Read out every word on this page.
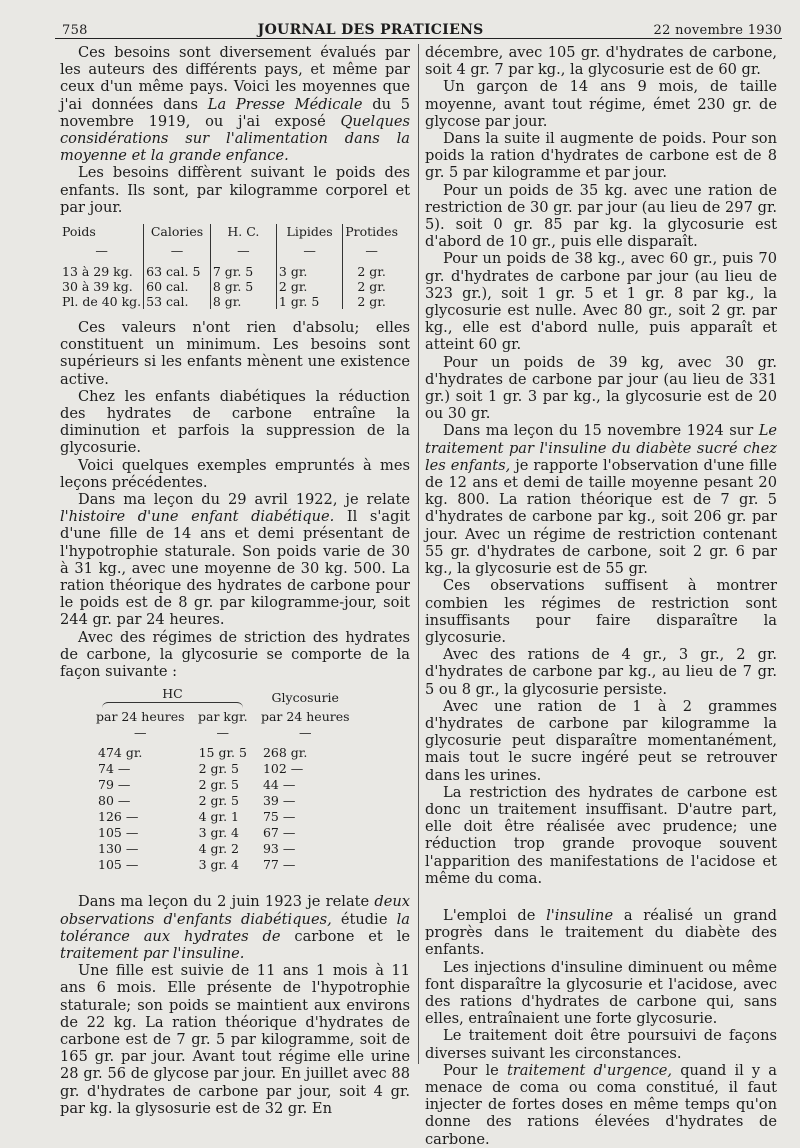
758	JOURNAL DES PRATICIENS	22 novembre 1930

Ces besoins sont diversement évalués par les auteurs des différents pays, et même par ceux d'un même pays. Voici les moyennes que j'ai données dans La Presse Médicale du 5 novembre 1919, ou j'ai exposé Quelques considérations sur l'alimentation dans la moyenne et la grande enfance.

Les besoins diffèrent suivant le poids des enfants. Ils sont, par kilogramme corporel et par jour.

Poids	Calories	H. C.	Lipides	Protides
—	—	—	—	—
13 à 29 kg.	63 cal. 5	7 gr. 5	3 gr.	2 gr.
30 à 39 kg.	60 cal.	8 gr. 5	2 gr.	2 gr.
Pl. de 40 kg.	53 cal.	8 gr.	1 gr. 5	2 gr.

Ces valeurs n'ont rien d'absolu; elles constituent un minimum. Les besoins sont supérieurs si les enfants mènent une existence active.

Chez les enfants diabétiques la réduction des hydrates de carbone entraîne la diminution et parfois la suppression de la glycosurie.

Voici quelques exemples empruntés à mes leçons précédentes.

Dans ma leçon du 29 avril 1922, je relate l'histoire d'une enfant diabétique. Il s'agit d'une fille de 14 ans et demi présentant de l'hypotrophie staturale. Son poids varie de 30 à 31 kg., avec une moyenne de 30 kg. 500. La ration théorique des hydrates de carbone pour le poids est de 8 gr. par kilogramme-jour, soit 244 gr. par 24 heures.

Avec des régimes de striction des hydrates de carbone, la glycosurie se comporte de la façon suivante :

HC		Glycosurie
par 24 heures	par kgr.	par 24 heures
—	—	—
474 gr.	15 gr. 5	268 gr.
74 —	2 gr. 5	102 —
79 —	2 gr. 5	44 —
80 —	2 gr. 5	39 —
126 —	4 gr. 1	75 —
105 —	3 gr. 4	67 —
130 —	4 gr. 2	93 —
105 —	3 gr. 4	77 —

Dans ma leçon du 2 juin 1923 je relate deux observations d'enfants diabétiques, étudie la tolérance aux hydrates de carbone et le traitement par l'insuline.

Une fille est suivie de 11 ans 1 mois à 11 ans 6 mois. Elle présente de l'hypotrophie staturale; son poids se maintient aux environs de 22 kg. La ration théorique d'hydrates de carbone est de 7 gr. 5 par kilogramme, soit de 165 gr. par jour. Avant tout régime elle urine 28 gr. 56 de glycose par jour. En juillet avec 88 gr. d'hydrates de carbone par jour, soit 4 gr. par kg. la glysosurie est de 32 gr. En

décembre, avec 105 gr. d'hydrates de carbone, soit 4 gr. 7 par kg., la glycosurie est de 60 gr.

Un garçon de 14 ans 9 mois, de taille moyenne, avant tout régime, émet 230 gr. de glycose par jour.

Dans la suite il augmente de poids. Pour son poids la ration d'hydrates de carbone est de 8 gr. 5 par kilogramme et par jour.

Pour un poids de 35 kg. avec une ration de restriction de 30 gr. par jour (au lieu de 297 gr. 5). soit 0 gr. 85 par kg. la glycosurie est d'abord de 10 gr., puis elle disparaît.

Pour un poids de 38 kg., avec 60 gr., puis 70 gr. d'hydrates de carbone par jour (au lieu de 323 gr.), soit 1 gr. 5 et 1 gr. 8 par kg., la glycosurie est nulle. Avec 80 gr., soit 2 gr. par kg., elle est d'abord nulle, puis apparaît et atteint 60 gr.

Pour un poids de 39 kg, avec 30 gr. d'hydrates de carbone par jour (au lieu de 331 gr.) soit 1 gr. 3 par kg., la glycosurie est de 20 ou 30 gr.

Dans ma leçon du 15 novembre 1924 sur Le traitement par l'insuline du diabète sucré chez les enfants, je rapporte l'observation d'une fille de 12 ans et demi de taille moyenne pesant 20 kg. 800. La ration théorique est de 7 gr. 5 d'hydrates de carbone par kg., soit 206 gr. par jour. Avec un régime de restriction contenant 55 gr. d'hydrates de carbone, soit 2 gr. 6 par kg., la glycosurie est de 55 gr.

Ces observations suffisent à montrer combien les régimes de restriction sont insuffisants pour faire disparaître la glycosurie.

Avec des rations de 4 gr., 3 gr., 2 gr. d'hydrates de carbone par kg., au lieu de 7 gr. 5 ou 8 gr., la glycosurie persiste.

Avec une ration de 1 à 2 grammes d'hydrates de carbone par kilogramme la glycosurie peut disparaître momentanément, mais tout le sucre ingéré peut se retrouver dans les urines.

La restriction des hydrates de carbone est donc un traitement insuffisant. D'autre part, elle doit être réalisée avec prudence; une réduction trop grande provoque souvent l'apparition des manifestations de l'acidose et même du coma.

L'emploi de l'insuline a réalisé un grand progrès dans le traitement du diabète des enfants.

Les injections d'insuline diminuent ou même font disparaître la glycosurie et l'acidose, avec des rations d'hydrates de carbone qui, sans elles, entraînaient une forte glycosurie.

Le traitement doit être poursuivi de façons diverses suivant les circonstances.

Pour le traitement d'urgence, quand il y a menace de coma ou coma constitué, il faut injecter de fortes doses en même temps qu'on donne des rations élevées d'hydrates de carbone.
